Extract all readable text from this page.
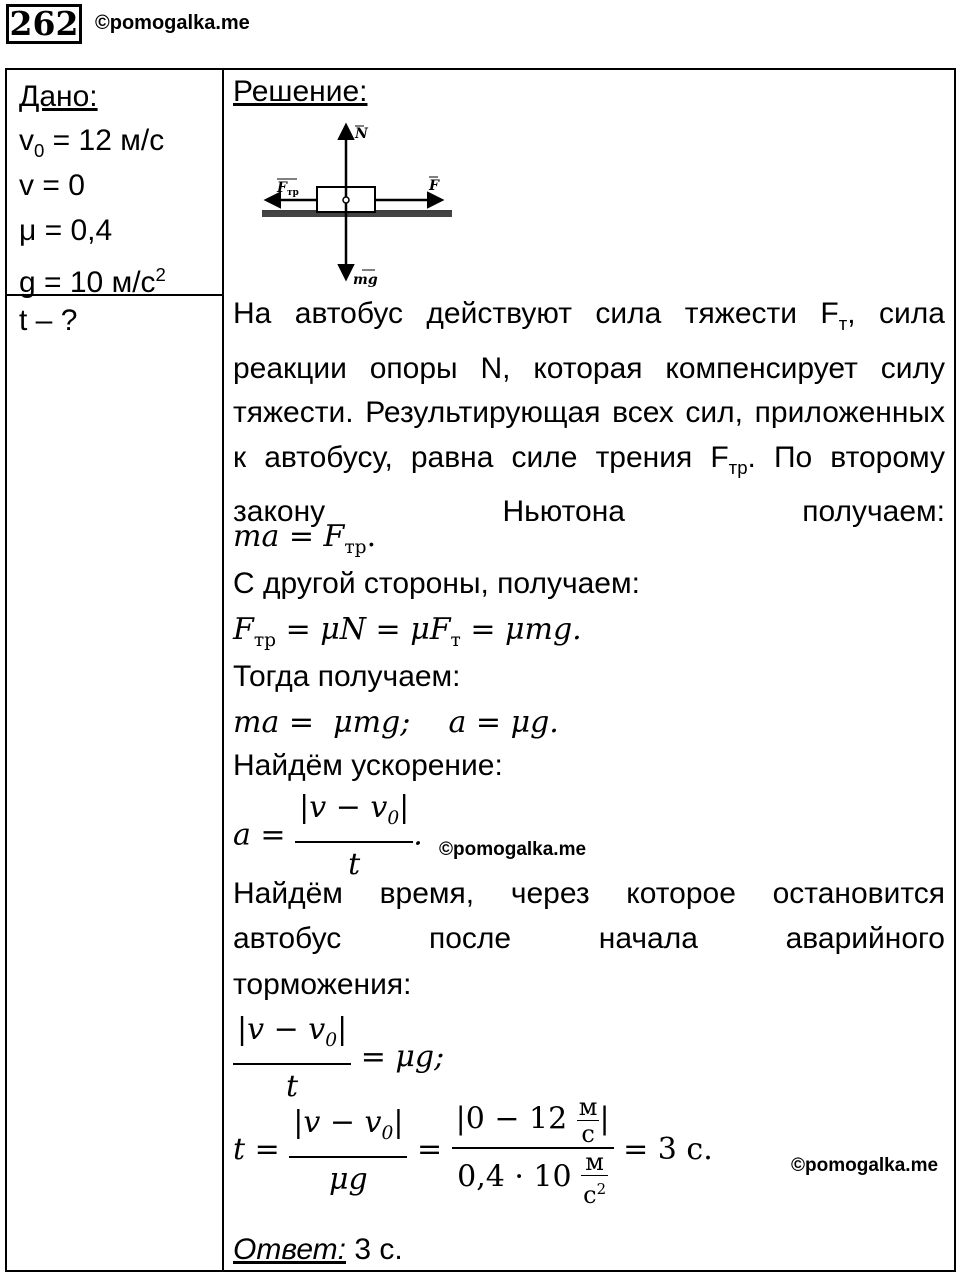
262 ©pomogalka.me
Дано:
$v_0 = 12$ м/с
v = 0
μ = 0,4
g = 10 $м/с^2$
t – ?
Решение:
N
F
$F_{тр}$
mg
На автобус действуют сила тяжести $F_т$, сила реакции опоры N, которая компенсирует силу тяжести. Результирующая всех сил, приложенных к автобусу, равна силе трения $F_{тр}$. По второму закону Ньютона получаем:
ma = $F_{тр}$.
С другой стороны, получаем:
$F_{тр} = \mu N = \mu F_т = \mu mg$.
Тогда получаем:
ma =  μmg;    a = μg.
Найдём ускорение:
$a = \frac{|v - v_0|}{t}$ . ©pomogalka.me
Найдём время, через которое остановится автобус после начала аварийного
торможения:
$\frac{|v - v_0|}{t} = \mu g$;
$t = \frac{|v - v_0|}{\mu g} = \frac{|0 - 12 \frac{м}{с} |}{0,4 \cdot 10 \frac{м}{с^2}} = 3$ с.	©pomogalka.me
Ответ: 3 с.
